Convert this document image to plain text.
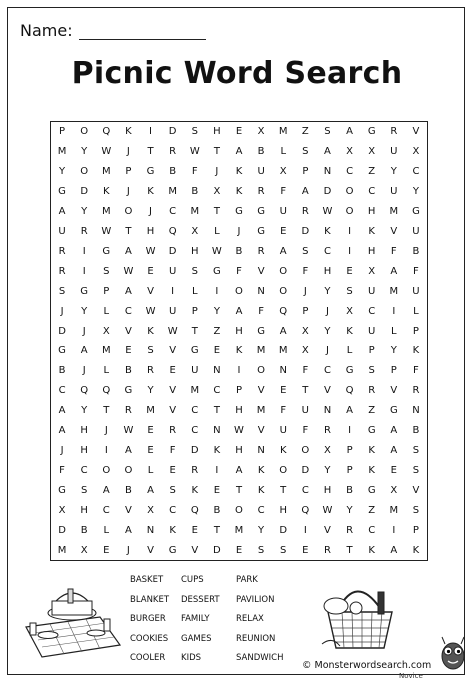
Name:
Picnic Word Search
P	O	Q	K	I	D	S	H	E	X	M	Z	S	A	G	R	V
M	Y	W	J	T	R	W	T	A	B	L	S	A	X	X	U	X
Y	O	M	P	G	B	F	J	K	U	X	P	N	C	Z	Y	C
G	D	K	J	K	M	B	X	K	R	F	A	D	O	C	U	Y
A	Y	M	O	J	C	M	T	G	G	U	R	W	O	H	M	G
U	R	W	T	H	Q	X	L	J	G	E	D	K	I	K	V	U
R	I	G	A	W	D	H	W	B	R	A	S	C	I	H	F	B
R	I	S	W	E	U	S	G	F	V	O	F	H	E	X	A	F
S	G	P	A	V	I	L	I	O	N	O	J	Y	S	U	M	U
J	Y	L	C	W	U	P	Y	A	F	Q	P	J	X	C	I	L
D	J	X	V	K	W	T	Z	H	G	A	X	Y	K	U	L	P
G	A	M	E	S	V	G	E	K	M	M	X	J	L	P	Y	K
B	J	L	B	R	E	U	N	I	O	N	F	C	G	S	P	F
C	Q	Q	G	Y	V	M	C	P	V	E	T	V	Q	R	V	R
A	Y	T	R	M	V	C	T	H	M	F	U	N	A	Z	G	N
A	H	J	W	E	R	C	N	W	V	U	F	R	I	G	A	B
J	H	I	A	E	F	D	K	H	N	K	O	X	P	K	A	S
F	C	O	O	L	E	R	I	A	K	O	D	Y	P	K	E	S
G	S	A	B	A	S	K	E	T	K	T	C	H	B	G	X	V
X	H	C	V	X	C	Q	B	O	C	H	Q	W	Y	Z	M	S
D	B	L	A	N	K	E	T	M	Y	D	I	V	R	C	I	P
M	X	E	J	V	G	V	D	E	S	S	E	R	T	K	A	K
BASKET
BLANKET
BURGER
COOKIES
COOLER
CUPS
DESSERT
FAMILY
GAMES
KIDS
PARK
PAVILION
RELAX
REUNION
SANDWICH
© Monsterwordsearch.com
Novice
